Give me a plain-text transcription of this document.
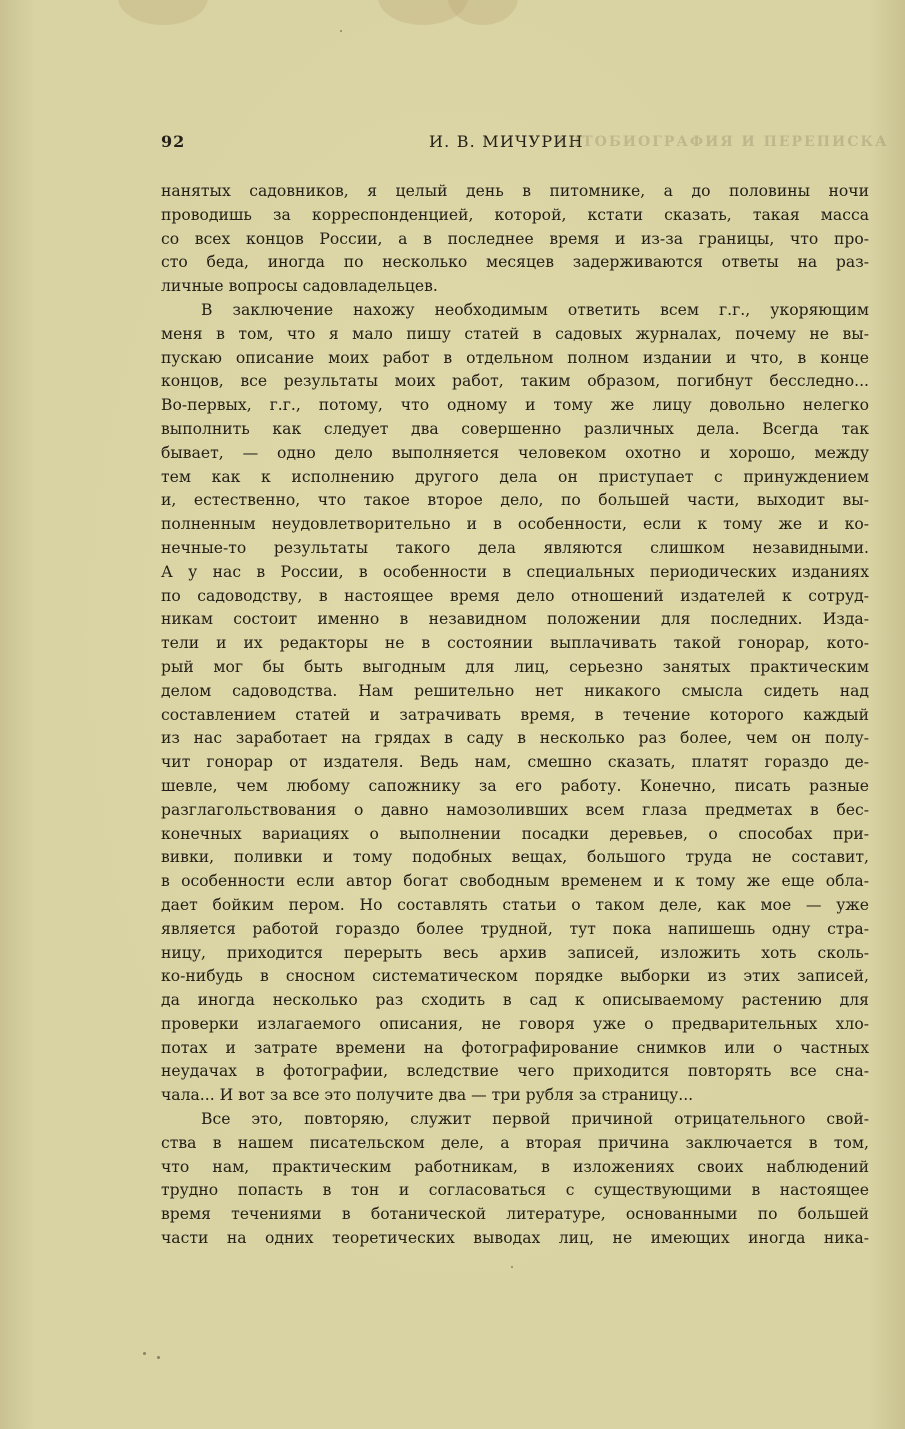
92	И. В. МИЧУРИН
АВТОБИОГРАФИЯ И ПЕРЕПИСКА
нанятых садовников, я целый день в питомнике, а до половины ночи
проводишь за корреспонденцией, которой, кстати сказать, такая масса
со всех концов России, а в последнее время и из-за границы, что про-
сто беда, иногда по несколько месяцев задерживаются ответы на раз-
личные вопросы садовладельцев.
В заключение нахожу необходимым ответить всем г.г., укоряющим
меня в том, что я мало пишу статей в садовых журналах, почему не вы-
пускаю описание моих работ в отдельном полном издании и что, в конце
концов, все результаты моих работ, таким образом, погибнут бесследно...
Во-первых, г.г., потому, что одному и тому же лицу довольно нелегко
выполнить как следует два совершенно различных дела. Всегда так
бывает, — одно дело выполняется человеком охотно и хорошо, между
тем как к исполнению другого дела он приступает с принуждением
и, естественно, что такое второе дело, по большей части, выходит вы-
полненным неудовлетворительно и в особенности, если к тому же и ко-
нечные-то результаты такого дела являются слишком незавидными.
А у нас в России, в особенности в специальных периодических изданиях
по садоводству, в настоящее время дело отношений издателей к сотруд-
никам состоит именно в незавидном положении для последних. Изда-
тели и их редакторы не в состоянии выплачивать такой гонорар, кото-
рый мог бы быть выгодным для лиц, серьезно занятых практическим
делом садоводства. Нам решительно нет никакого смысла сидеть над
составлением статей и затрачивать время, в течение которого каждый
из нас заработает на грядах в саду в несколько раз более, чем он полу-
чит гонорар от издателя. Ведь нам, смешно сказать, платят гораздо де-
шевле, чем любому сапожнику за его работу. Конечно, писать разные
разглагольствования о давно намозоливших всем глаза предметах в бес-
конечных вариациях о выполнении посадки деревьев, о способах при-
вивки, поливки и тому подобных вещах, большого труда не составит,
в особенности если автор богат свободным временем и к тому же еще обла-
дает бойким пером. Но составлять статьи о таком деле, как мое — уже
является работой гораздо более трудной, тут пока напишешь одну стра-
ницу, приходится перерыть весь архив записей, изложить хоть сколь-
ко-нибудь в сносном систематическом порядке выборки из этих записей,
да иногда несколько раз сходить в сад к описываемому растению для
проверки излагаемого описания, не говоря уже о предварительных хло-
потах и затрате времени на фотографирование снимков или о частных
неудачах в фотографии, вследствие чего приходится повторять все сна-
чала... И вот за все это получите два — три рубля за страницу...
Все это, повторяю, служит первой причиной отрицательного свой-
ства в нашем писательском деле, а вторая причина заключается в том,
что нам, практическим работникам, в изложениях своих наблюдений
трудно попасть в тон и согласоваться с существующими в настоящее
время течениями в ботанической литературе, основанными по большей
части на одних теоретических выводах лиц, не имеющих иногда ника-
